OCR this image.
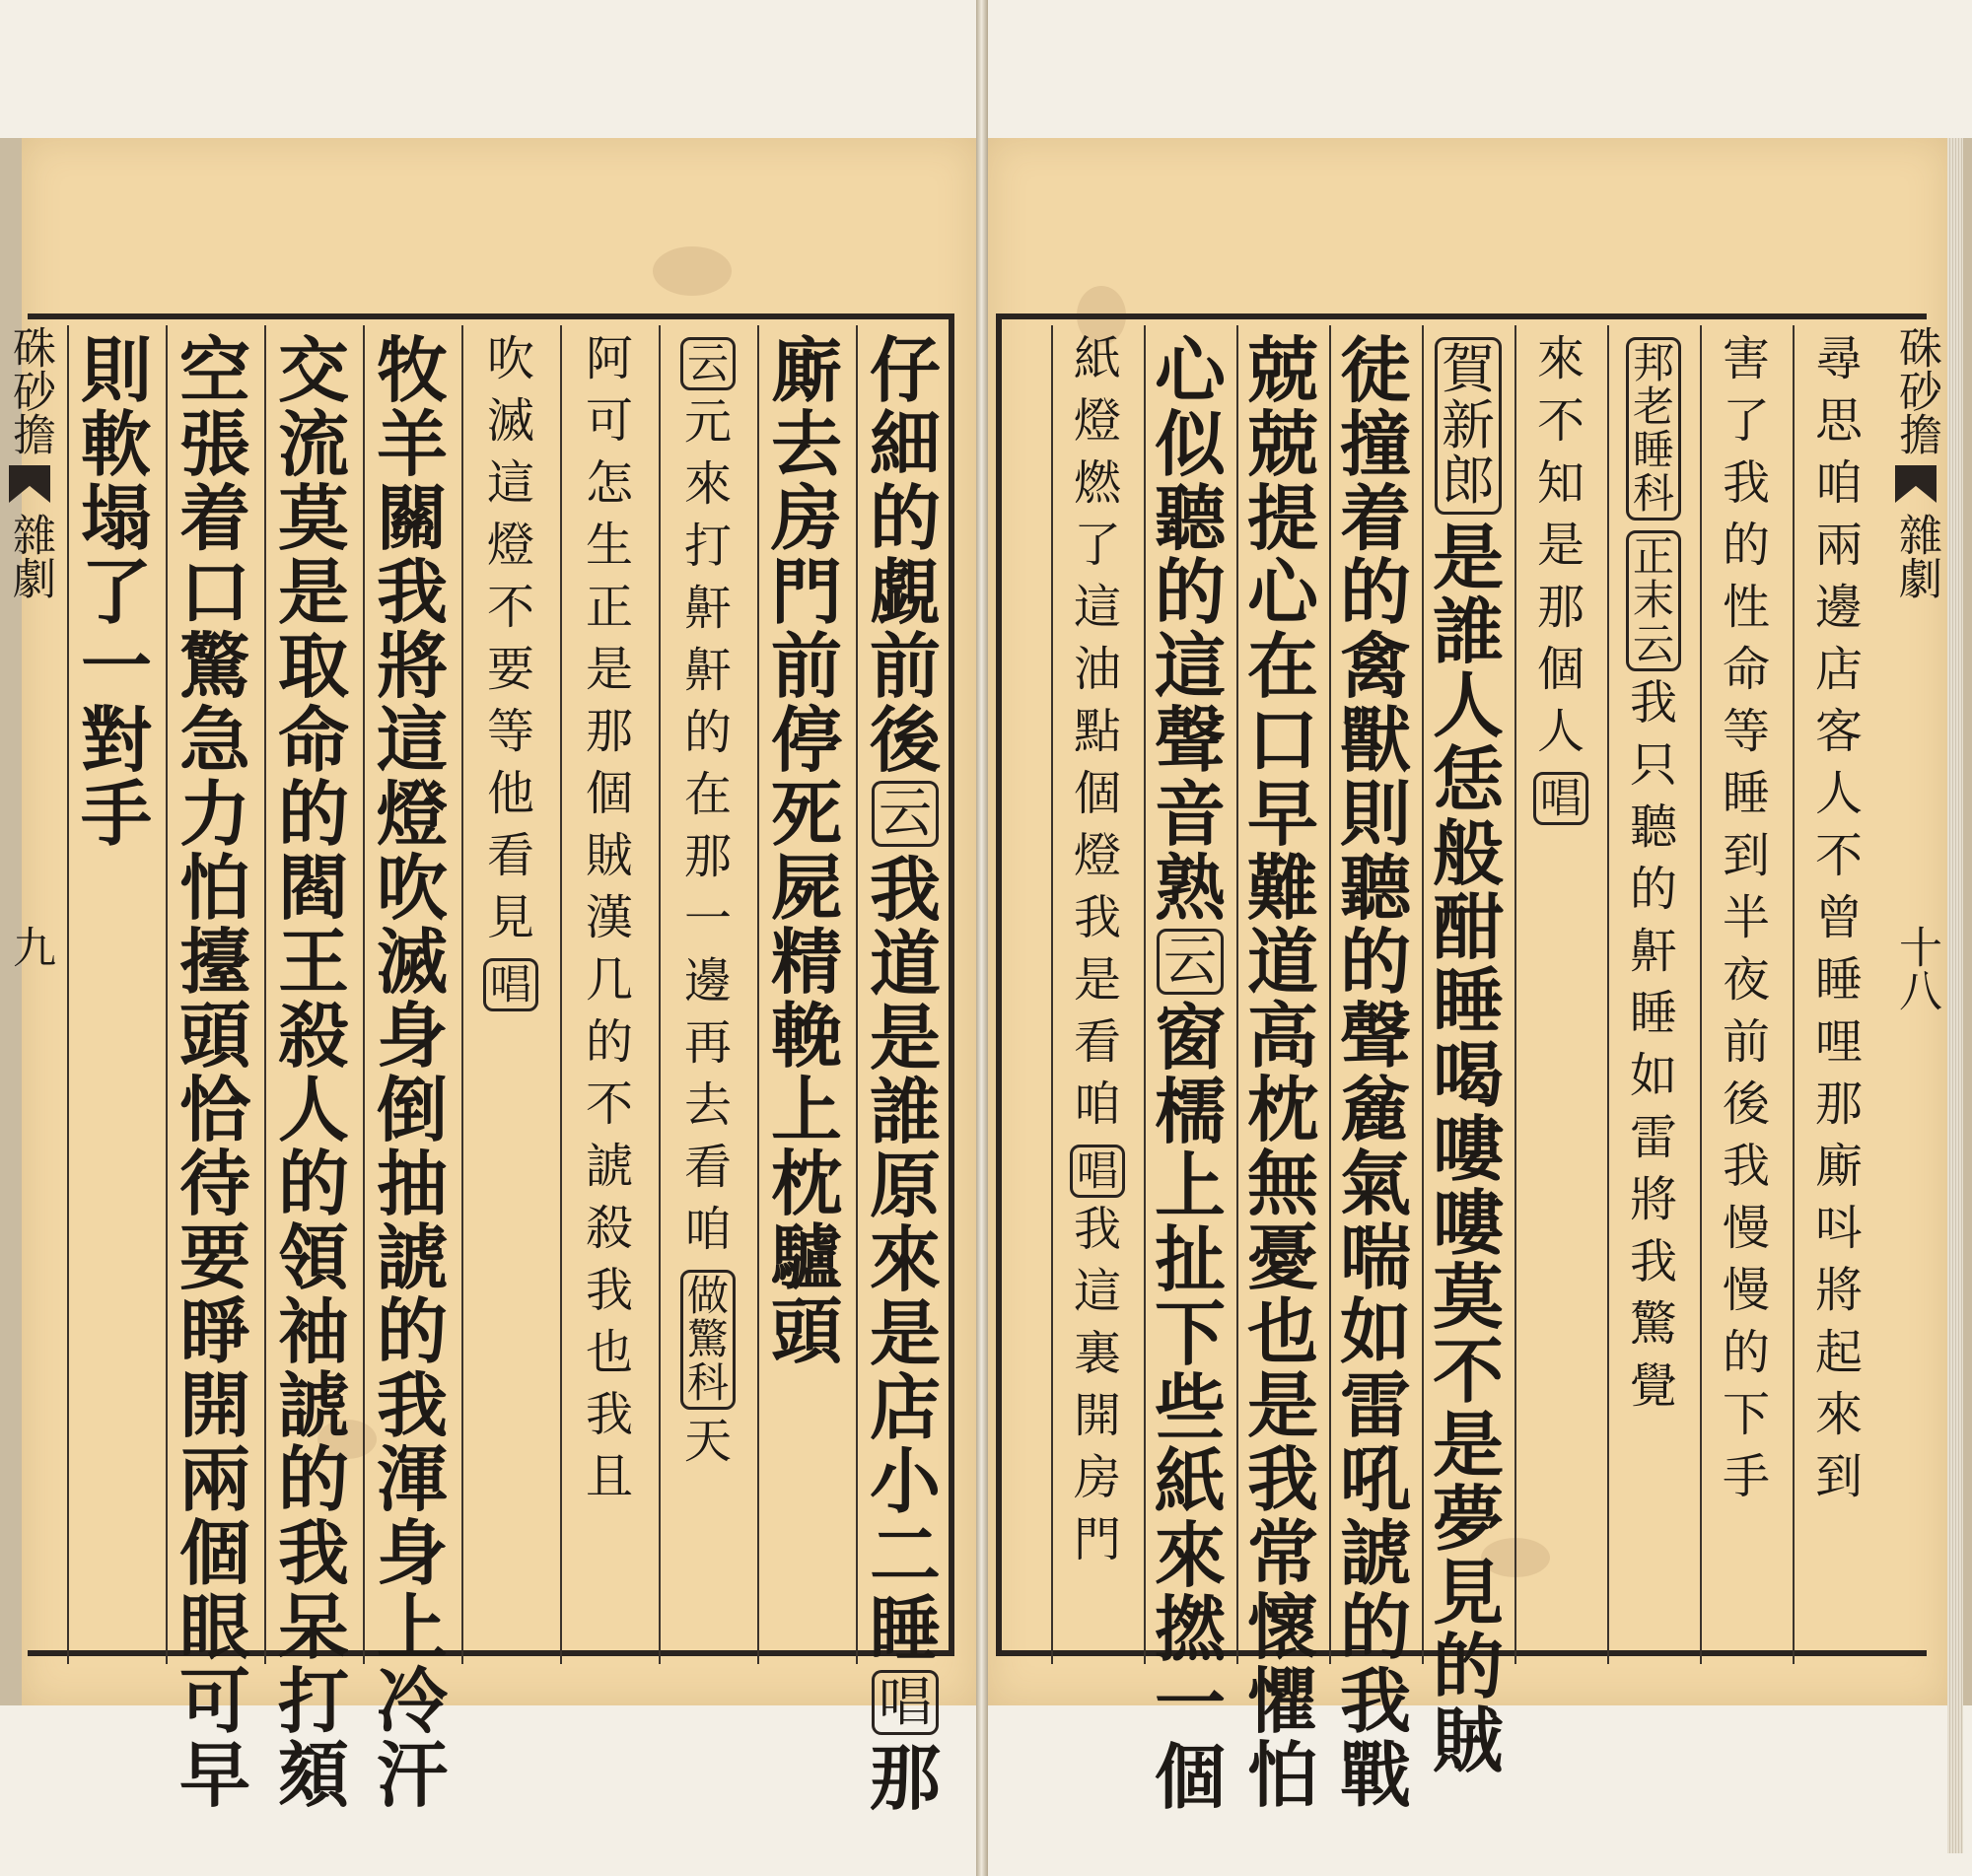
硃砂擔
雜劇
九
硃砂擔
雜劇
十八
尋
思
咱
兩
邊
店
客
人
不
曾
睡
哩
那
廝
呌
將
起
來
到
害
了
我
的
性
命
等
睡
到
半
夜
前
後
我
慢
慢
的
下
手
邦
老
睡
科
正
末
云
我
只
聽
的
鼾
睡
如
雷
將
我
驚
覺
來
不
知
是
那
個
人
唱
賀
新
郎
是
誰
人
恁
般
酣
睡
喝
嘍
嘍
莫
不
是
夢
見
的
賊
徒
撞
着
的
禽
獸
則
聽
的
聲
麄
氣
喘
如
雷
吼
諕
的
我
戰
兢
兢
提
心
在
口
早
難
道
高
枕
無
憂
也
是
我
常
懷
懼
怕
心
似
聽
的
這
聲
音
熟
云
窗
檽
上
扯
下
些
紙
來
撚
一
個
紙
燈
燃
了
這
油
點
個
燈
我
是
看
咱
唱
我
這
裏
開
房
門
仔
細
的
覷
前
後
云
我
道
是
誰
原
來
是
店
小
二
睡
唱
那
廝
去
房
門
前
停
死
屍
精
輓
上
枕
驢
頭
云
元
來
打
鼾
鼾
的
在
那
一
邊
再
去
看
咱
做
驚
科
天
阿
可
怎
生
正
是
那
個
賊
漢
几
的
不
諕
殺
我
也
我
且
吹
滅
這
燈
不
要
等
他
看
見
唱
牧
羊
關
我
將
這
燈
吹
滅
身
倒
抽
諕
的
我
渾
身
上
冷
汗
交
流
莫
是
取
命
的
閻
王
殺
人
的
領
袖
諕
的
我
呆
打
頦
空
張
着
口
驚
急
力
怕
擡
頭
恰
待
要
睜
開
兩
個
眼
可
早
則
軟
塌
了
一
對
手
